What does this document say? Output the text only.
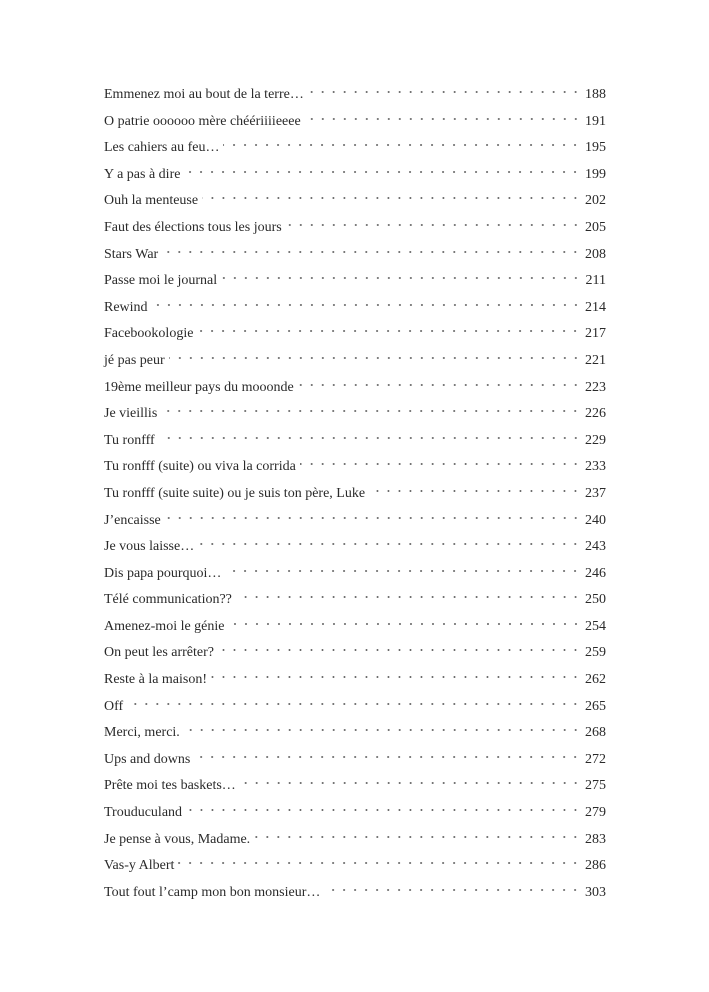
Emmenez moi au bout de la terre…	188
O patrie oooooo mère chéériiiieeee	191
Les cahiers au feu…	195
Y a pas à dire	199
Ouh la menteuse	202
Faut des élections tous les jours	205
Stars War	208
Passe moi le journal	211
Rewind	214
Facebookologie	217
jé pas peur	221
19ème meilleur pays du mooonde	223
Je vieillis	226
Tu ronfff	229
Tu ronfff (suite) ou viva la corrida	233
Tu ronfff (suite suite) ou je suis ton père, Luke	237
J’encaisse	240
Je vous laisse…	243
Dis papa pourquoi…	246
Télé communication??	250
Amenez-moi le génie	254
On peut les arrêter?	259
Reste à la maison!	262
Off	265
Merci, merci.	268
Ups and downs	272
Prête moi tes baskets…	275
Trouduculand	279
Je pense à vous, Madame.	283
Vas-y Albert	286
Tout fout l’camp mon bon monsieur…	303
